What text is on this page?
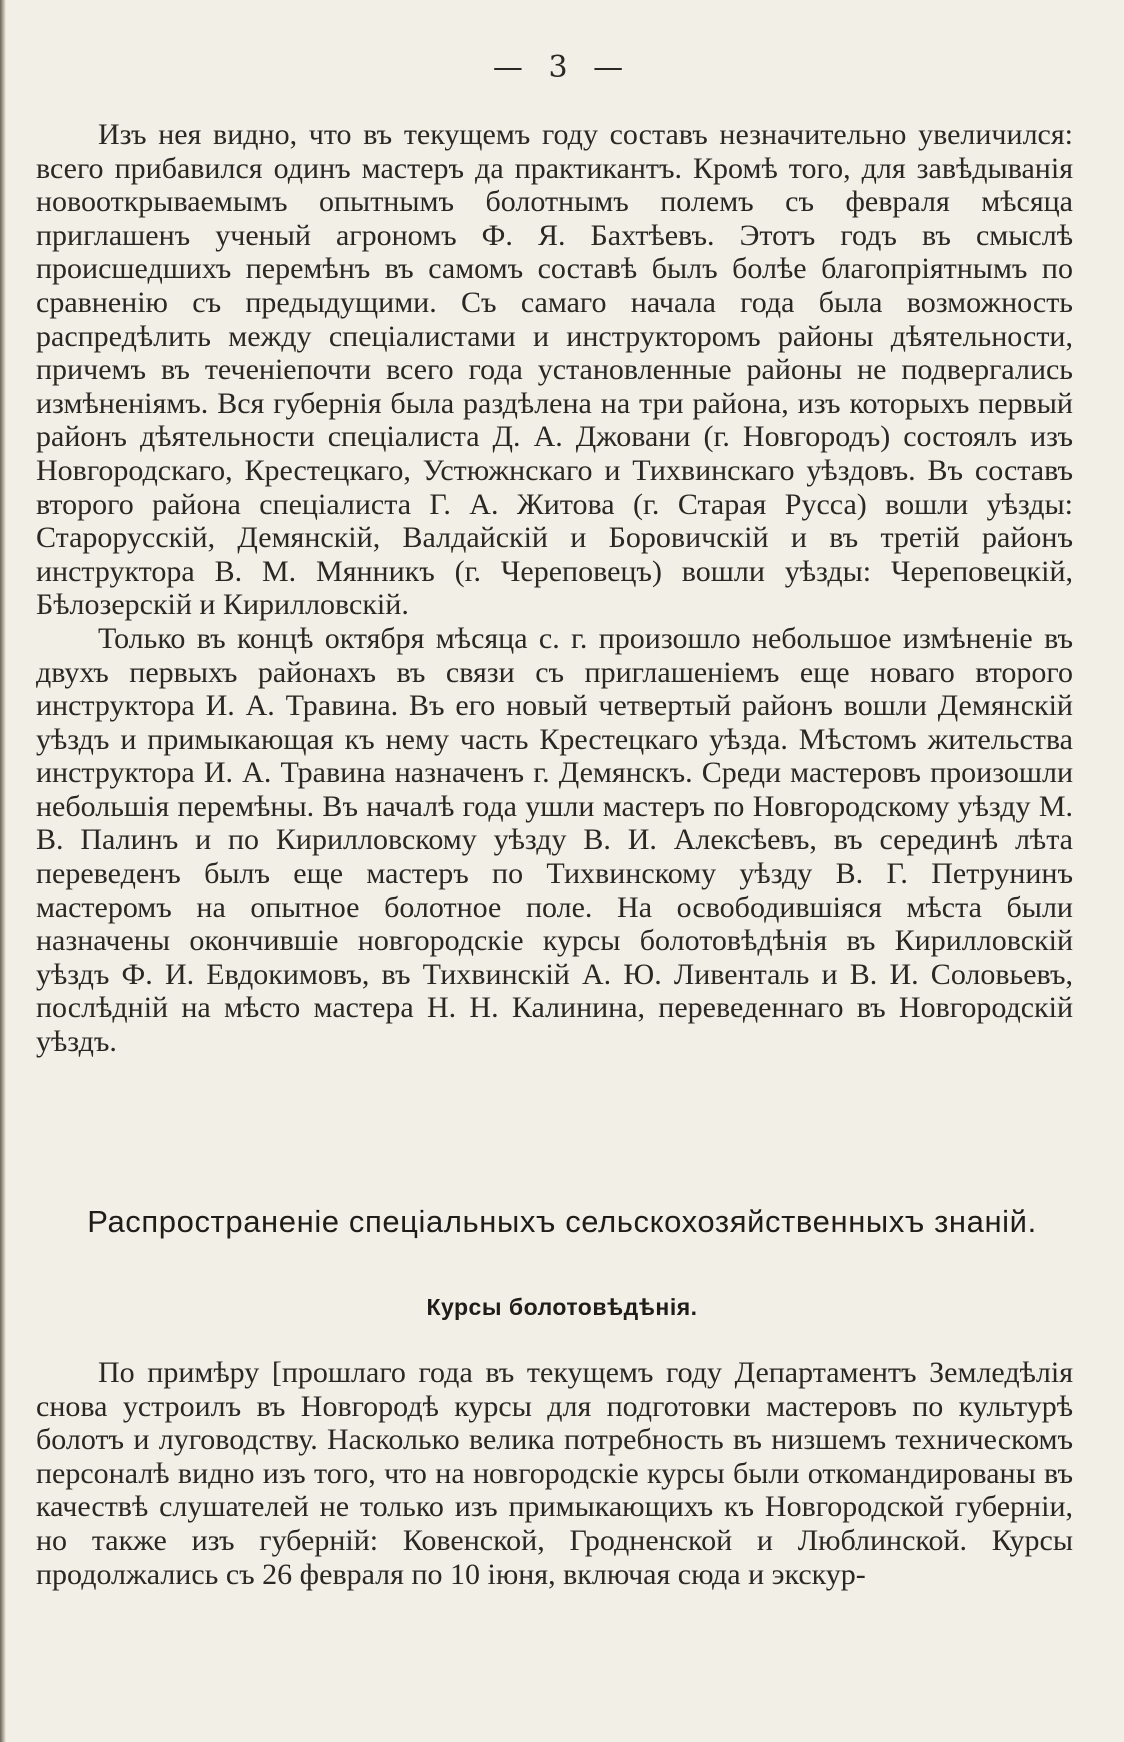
— 3 —

Изъ нея видно, что въ текущемъ году составъ незначительно увеличился: всего прибавился одинъ мастеръ да практикантъ. Кромѣ того, для завѣдыванія новооткрываемымъ опытнымъ болотнымъ полемъ съ февраля мѣсяца приглашенъ ученый агрономъ Ф. Я. Бахтѣевъ. Этотъ годъ въ смыслѣ происшедшихъ перемѣнъ въ самомъ составѣ былъ болѣе благопріятнымъ по сравненію съ предыдущими. Съ самаго начала года была возможность распредѣлить между спеціалистами и инструкторомъ районы дѣятельности, причемъ въ теченіепочти всего года установленные районы не подвергались измѣненіямъ. Вся губернія была раздѣлена на три района, изъ которыхъ первый районъ дѣятельности спеціалиста Д. А. Джовани (г. Новгородъ) состоялъ изъ Новгородскаго, Крестецкаго, Устюжнскаго и Тихвинскаго уѣздовъ. Въ составъ второго района спеціалиста Г. А. Житова (г. Старая Русса) вошли уѣзды: Старорусскій, Демянскій, Валдайскій и Боровичскій и въ третій районъ инструктора В. М. Мянникъ (г. Череповецъ) вошли уѣзды: Череповецкій, Бѣлозерскій и Кирилловскій.

Только въ концѣ октября мѣсяца с. г. произошло небольшое измѣненіе въ двухъ первыхъ районахъ въ связи съ приглашеніемъ еще новаго второго инструктора И. А. Травина. Въ его новый четвертый районъ вошли Демянскій уѣздъ и примыкающая къ нему часть Крестецкаго уѣзда. Мѣстомъ жительства инструктора И. А. Травина назначенъ г. Демянскъ. Среди мастеровъ произошли небольшія перемѣны. Въ началѣ года ушли мастеръ по Новгородскому уѣзду М. В. Палинъ и по Кирилловскому уѣзду В. И. Алексѣевъ, въ серединѣ лѣта переведенъ былъ еще мастеръ по Тихвинскому уѣзду В. Г. Петрунинъ мастеромъ на опытное болотное поле. На освободившіяся мѣста были назначены окончившіе новгородскіе курсы болотовѣдѣнія въ Кирилловскій уѣздъ Ф. И. Евдокимовъ, въ Тихвинскій А. Ю. Ливенталь и В. И. Соловьевъ, послѣдній на мѣсто мастера Н. Н. Калинина, переведеннаго въ Новгородскій уѣздъ.

Распространеніе спеціальныхъ сельскохозяйственныхъ знаній.
Курсы болотовѣдѣнія.

По примѣру [прошлаго года въ текущемъ году Департаментъ Земледѣлія снова устроилъ въ Новгородѣ курсы для подготовки мастеровъ по культурѣ болотъ и луговодству. Насколько велика потребность въ низшемъ техническомъ персоналѣ видно изъ того, что на новгородскіе курсы были откомандированы въ качествѣ слушателей не только изъ примыкающихъ къ Новгородской губерніи, но также изъ губерній: Ковенской, Гродненской и Люблинской. Курсы продолжались съ 26 февраля по 10 іюня, включая сюда и экскур-
